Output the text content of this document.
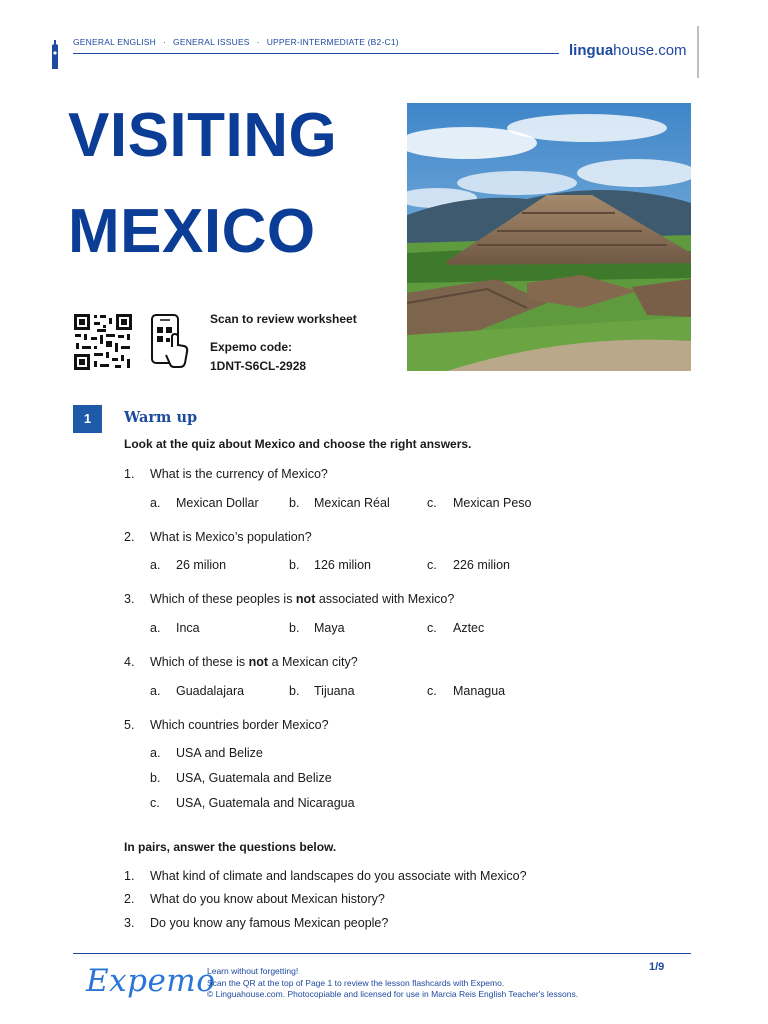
GENERAL ENGLISH · GENERAL ISSUES · UPPER-INTERMEDIATE (B2-C1)	linguahouse.com
VISITING
MEXICO
Scan to review worksheet
Expemo code:
1DNT-S6CL-2928
1	Warm up
Look at the quiz about Mexico and choose the right answers.
1. What is the currency of Mexico?
a. Mexican Dollar b. Mexican Réal	c. Mexican Peso
2. What is Mexico’s population?
a. 26 milion	b. 126 milion	c. 226 milion
3. Which of these peoples is not associated with Mexico?
a. Inca	b. Maya	c. Aztec
4. Which of these is not a Mexican city?
a. Guadalajara	b. Tijuana	c. Managua
5. Which countries border Mexico?
a. USA and Belize
b. USA, Guatemala and Belize
c. USA, Guatemala and Nicaragua
In pairs, answer the questions below.
1. What kind of climate and landscapes do you associate with Mexico?
2. What do you know about Mexican history?
3. Do you know any famous Mexican people?
Expemo
Learn without forgetting!
Scan the QR at the top of Page 1 to review the lesson flashcards with Expemo.
© Linguahouse.com. Photocopiable and licensed for use in Marcia Reis English Teacher's lessons.
1/9
